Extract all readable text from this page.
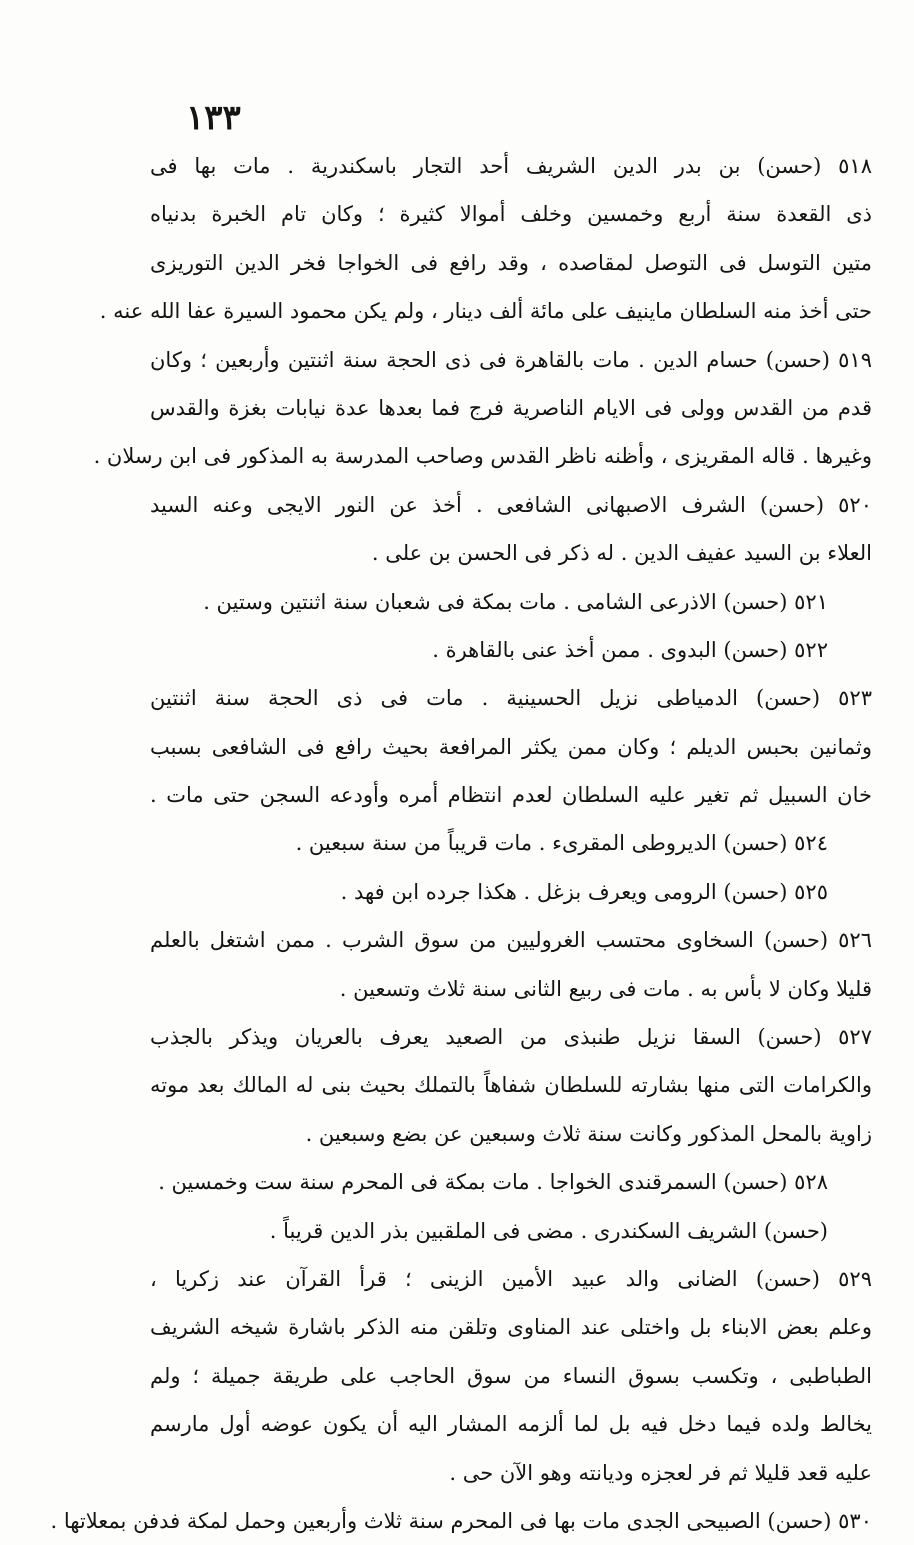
١٣٣
٥١٨ (حسن) بن بدر الدين الشريف أحد التجار باسكندرية . مات بها فى
ذى القعدة سنة أربع وخمسين وخلف أموالا كثيرة ؛ وكان تام الخبرة بدنياه
متين التوسل فى التوصل لمقاصده ، وقد رافع فى الخواجا فخر الدين التوريزى
حتى أخذ منه السلطان ماينيف على مائة ألف دينار ، ولم يكن محمود السيرة عفا الله عنه .
٥١٩ (حسن) حسام الدين . مات بالقاهرة فى ذى الحجة سنة اثنتين وأربعين ؛ وكان
قدم من القدس وولى فى الايام الناصرية فرج فما بعدها عدة نيابات بغزة والقدس
وغيرها . قاله المقريزى ، وأظنه ناظر القدس وصاحب المدرسة به المذكور فى ابن رسلان .
٥٢٠ (حسن) الشرف الاصبهانى الشافعى . أخذ عن النور الايجى وعنه السيد
العلاء بن السيد عفيف الدين . له ذكر فى الحسن بن على .
٥٢١ (حسن) الاذرعى الشامى . مات بمكة فى شعبان سنة اثنتين وستين .
٥٢٢ (حسن) البدوى . ممن أخذ عنى بالقاهرة .
٥٢٣ (حسن) الدمياطى نزيل الحسينية . مات فى ذى الحجة سنة اثنتين
وثمانين بحبس الديلم ؛ وكان ممن يكثر المرافعة بحيث رافع فى الشافعى بسبب
خان السبيل ثم تغير عليه السلطان لعدم انتظام أمره وأودعه السجن حتى مات .
٥٢٤ (حسن) الديروطى المقرىء . مات قريباً من سنة سبعين .
٥٢٥ (حسن) الرومى ويعرف بزغل . هكذا جرده ابن فهد .
٥٢٦ (حسن) السخاوى محتسب الغروليين من سوق الشرب . ممن اشتغل بالعلم
قليلا وكان لا بأس به . مات فى ربيع الثانى سنة ثلاث وتسعين .
٥٢٧ (حسن) السقا نزيل طنبذى من الصعيد يعرف بالعريان ويذكر بالجذب
والكرامات التى منها بشارته للسلطان شفاهاً بالتملك بحيث بنى له المالك بعد موته
زاوية بالمحل المذكور وكانت سنة ثلاث وسبعين عن بضع وسبعين .
٥٢٨ (حسن) السمرقندى الخواجا . مات بمكة فى المحرم سنة ست وخمسين .
(حسن) الشريف السكندرى . مضى فى الملقبين بذر الدين قريباً .
٥٢٩ (حسن) الضانى والد عبيد الأمين الزينى ؛ قرأ القرآن عند زكريا ،
وعلم بعض الابناء بل واختلى عند المناوى وتلقن منه الذكر باشارة شيخه الشريف
الطباطبى ، وتكسب بسوق النساء من سوق الحاجب على طريقة جميلة ؛ ولم
يخالط ولده فيما دخل فيه بل لما ألزمه المشار اليه أن يكون عوضه أول مارسم
عليه قعد قليلا ثم فر لعجزه وديانته وهو الآن حى .
٥٣٠ (حسن) الصبيحى الجدى مات بها فى المحرم سنة ثلاث وأربعين وحمل لمكة فدفن بمعلاتها .
